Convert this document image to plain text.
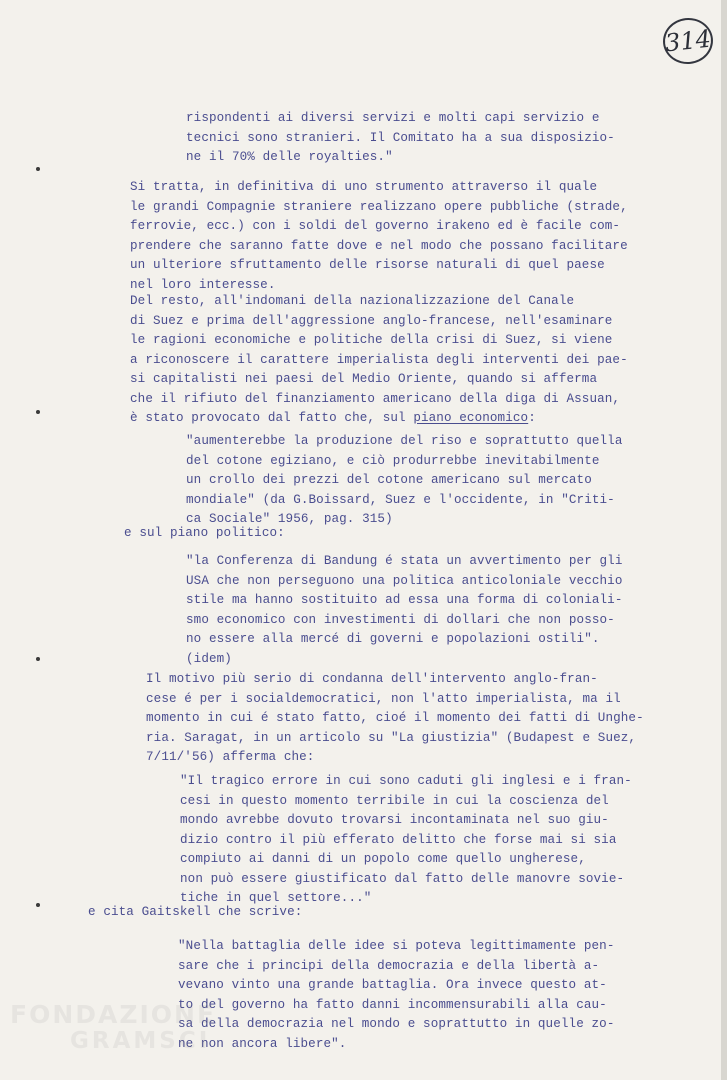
314

rispondenti ai diversi servizi e molti capi servizio e
tecnici sono stranieri. Il Comitato ha a sua disposizio-
ne il 70% delle royalties."

Si tratta, in definitiva di uno strumento attraverso il quale
le grandi Compagnie straniere realizzano opere pubbliche (strade,
ferrovie, ecc.) con i soldi del governo irakeno ed è facile com-
prendere che saranno fatte dove e nel modo che possano facilitare
un ulteriore sfruttamento delle risorse naturali di quel paese
nel loro interesse.

Del resto, all'indomani della nazionalizzazione del Canale
di Suez e prima dell'aggressione anglo-francese, nell'esaminare
le ragioni economiche e politiche della crisi di Suez, si viene
a riconoscere il carattere imperialista degli interventi dei pae-
si capitalisti nei paesi del Medio Oriente, quando si afferma
che il rifiuto del finanziamento americano della diga di Assuan,
è stato provocato dal fatto che, sul piano economico:

"aumenterebbe la produzione del riso e soprattutto quella
del cotone egiziano, e ciò produrrebbe inevitabilmente
un crollo dei prezzi del cotone americano sul mercato
mondiale" (da G.Boissard, Suez e l'occidente, in "Criti-
ca Sociale" 1956, pag. 315)

e sul piano politico:

"la Conferenza di Bandung é stata un avvertimento per gli
USA che non perseguono una politica anticoloniale vecchio
stile ma hanno sostituito ad essa una forma di coloniali-
smo economico con investimenti di dollari che non posso-
no essere alla mercé di governi e popolazioni ostili".
(idem)

Il motivo più serio di condanna dell'intervento anglo-fran-
cese é per i socialdemocratici, non l'atto imperialista, ma il
momento in cui é stato fatto, cioé il momento dei fatti di Unghe-
ria. Saragat, in un articolo su "La giustizia" (Budapest e Suez,
7/11/'56) afferma che:

"Il tragico errore in cui sono caduti gli inglesi e i fran-
cesi in questo momento terribile in cui la coscienza del
mondo avrebbe dovuto trovarsi incontaminata nel suo giu-
dizio contro il più efferato delitto che forse mai si sia
compiuto ai danni di un popolo come quello ungherese,
non può essere giustificato dal fatto delle manovre sovie-
tiche in quel settore..."

e cita Gaitskell che scrive:

"Nella battaglia delle idee si poteva legittimamente pen-
sare che i principi della democrazia e della libertà a-
vevano vinto una grande battaglia. Ora invece questo at-
to del governo ha fatto danni incommensurabili alla cau-
sa della democrazia nel mondo e soprattutto in quelle zo-
ne non ancora libere".

FONDAZIONE
GRAMSCI
